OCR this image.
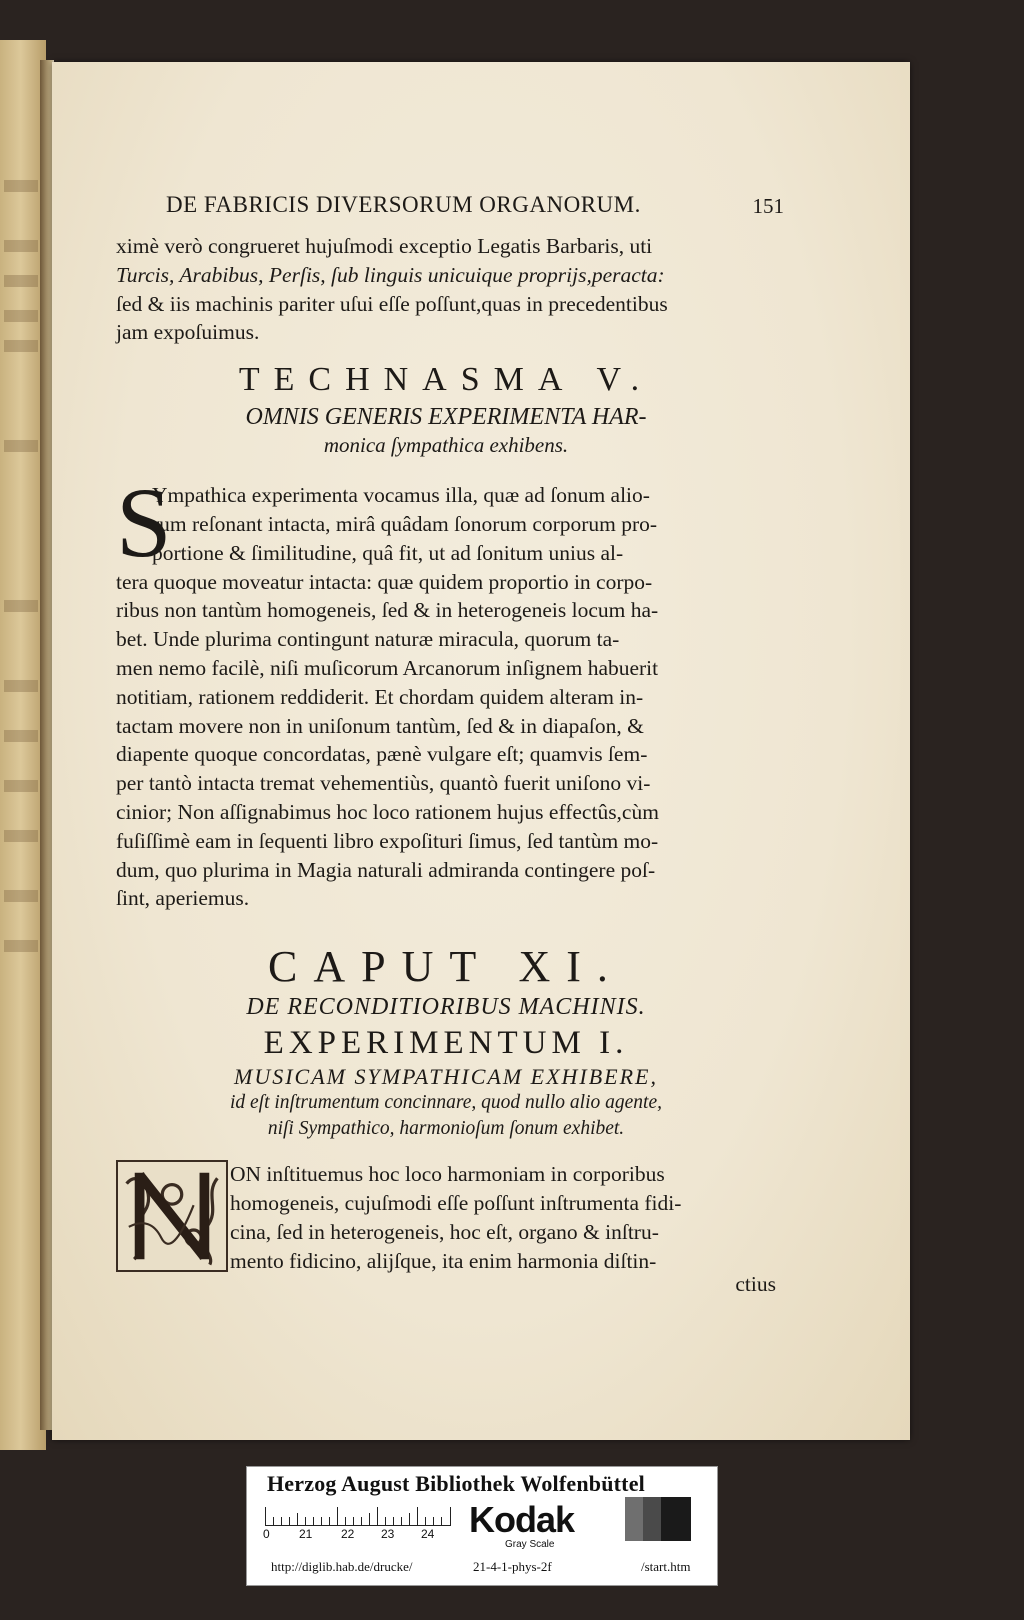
DE FABRICIS DIVERSORUM ORGANORUM.	151

ximè verò congrueret hujuſmodi exceptio Legatis Barbaris, uti

Turcis, Arabibus, Perſis, ſub linguis unicuique proprijs,peracta:

ſed & iis machinis pariter uſui eſſe poſſunt,quas in precedentibus

jam expoſuimus.

TECHNASMA V.

OMNIS GENERIS EXPERIMENTA HAR-

monica ſympathica exhibens.

S

Ympathica experimenta vocamus illa, quæ ad ſonum alio-

rum reſonant intacta, mirâ quâdam ſonorum corporum pro-

portione & ſimilitudine, quâ fit, ut ad ſonitum unius al-

tera quoque moveatur intacta: quæ quidem proportio in corpo-

ribus non tantùm homogeneis, ſed & in heterogeneis locum ha-

bet. Unde plurima contingunt naturæ miracula, quorum ta-

men nemo facilè, niſi muſicorum Arcanorum inſignem habuerit

notitiam, rationem reddiderit. Et chordam quidem alteram in-

tactam movere non in uniſonum tantùm, ſed & in diapaſon, &

diapente quoque concordatas, pænè vulgare eſt; quamvis ſem-

per tantò intacta tremat vehementiùs, quantò fuerit uniſono vi-

cinior; Non aſſignabimus hoc loco rationem hujus effectûs,cùm

fuſiſſimè eam in ſequenti libro expoſituri ſimus, ſed tantùm mo-

dum, quo plurima in Magia naturali admiranda contingere poſ-

ſint, aperiemus.

CAPUT XI.

DE RECONDITIORIBUS MACHINIS.

EXPERIMENTUM I.

MUSICAM SYMPATHICAM EXHIBERE,

id eſt inſtrumentum concinnare, quod nullo alio agente,

niſi Sympathico, harmonioſum ſonum exhibet.

ON inſtituemus hoc loco harmoniam in corporibus

homogeneis, cujuſmodi eſſe poſſunt inſtrumenta fidi-

cina, ſed in heterogeneis, hoc eſt, organo & inſtru-

mento fidicino, alijſque, ita enim harmonia diſtin-

ctius
Herzog August Bibliothek Wolfenbüttel
0 21 22 23 24 Kodak
Gray Scale
http://diglib.hab.de/drucke/	21-4-1-phys-2f	/start.htm
